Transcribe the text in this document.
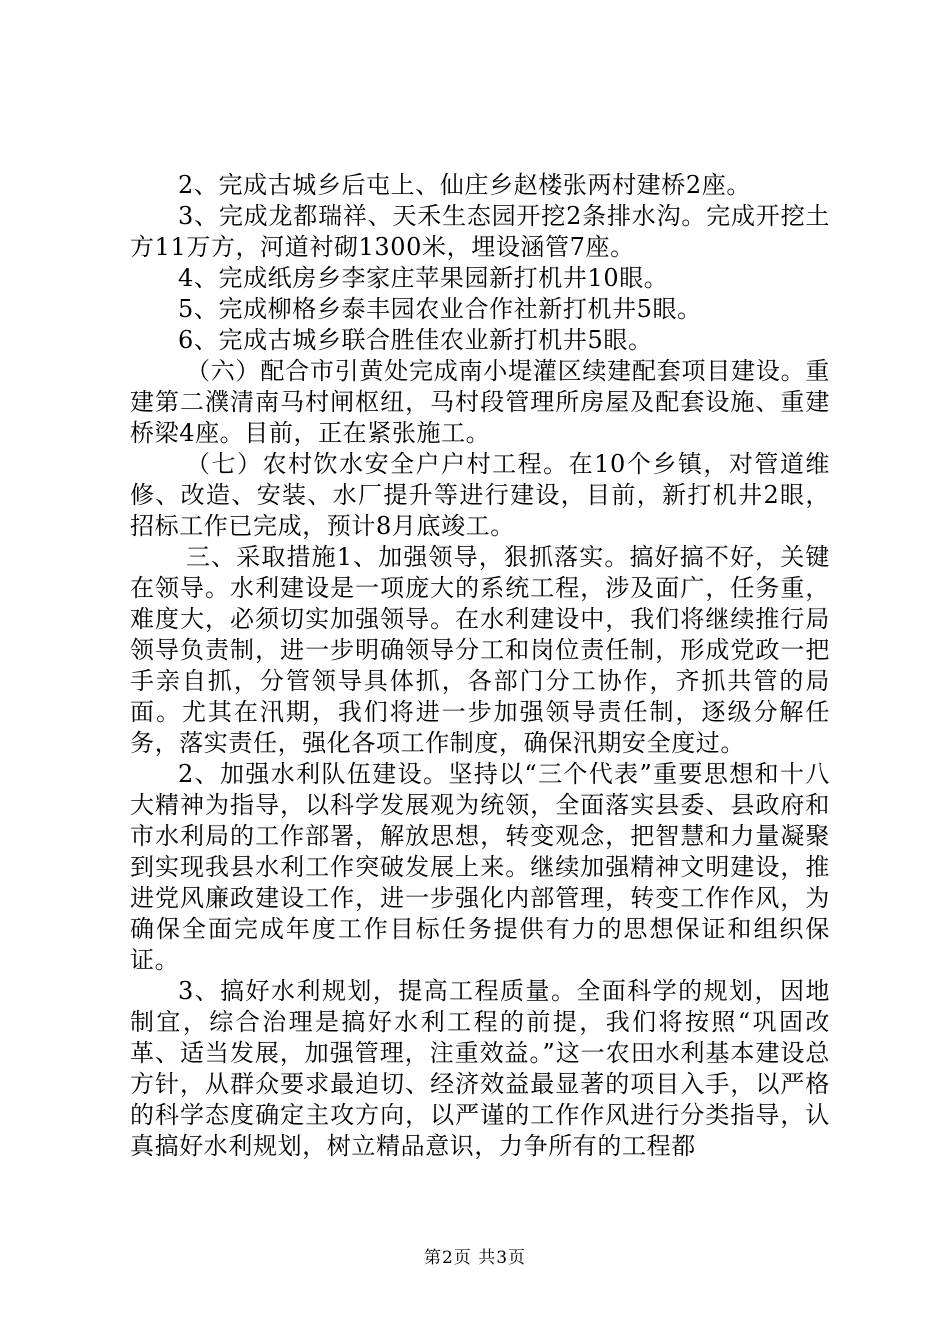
2、完成古城乡后屯上、仙庄乡赵楼张两村建桥2座。

3、完成龙都瑞祥、天禾生态园开挖2条排水沟。完成开挖土方11万方，河道衬砌1300米，埋设涵管7座。

4、完成纸房乡李家庄苹果园新打机井10眼。

5、完成柳格乡泰丰园农业合作社新打机井5眼。

6、完成古城乡联合胜佳农业新打机井5眼。

（六）配合市引黄处完成南小堤灌区续建配套项目建设。重建第二濮清南马村闸枢纽，马村段管理所房屋及配套设施、重建桥梁4座。目前，正在紧张施工。

（七）农村饮水安全户户村工程。在10个乡镇，对管道维修、改造、安装、水厂提升等进行建设，目前，新打机井2眼，招标工作已完成，预计8月底竣工。

三、采取措施1、加强领导，狠抓落实。搞好搞不好，关键在领导。水利建设是一项庞大的系统工程，涉及面广，任务重，难度大，必须切实加强领导。在水利建设中，我们将继续推行局领导负责制，进一步明确领导分工和岗位责任制，形成党政一把手亲自抓，分管领导具体抓，各部门分工协作，齐抓共管的局面。尤其在汛期，我们将进一步加强领导责任制，逐级分解任务，落实责任，强化各项工作制度，确保汛期安全度过。

2、加强水利队伍建设。坚持以“三个代表”重要思想和十八大精神为指导，以科学发展观为统领，全面落实县委、县政府和市水利局的工作部署，解放思想，转变观念，把智慧和力量凝聚到实现我县水利工作突破发展上来。继续加强精神文明建设，推进党风廉政建设工作，进一步强化内部管理，转变工作作风，为确保全面完成年度工作目标任务提供有力的思想保证和组织保证。

3、搞好水利规划，提高工程质量。全面科学的规划，因地制宜，综合治理是搞好水利工程的前提，我们将按照“巩固改革、适当发展，加强管理，注重效益。”这一农田水利基本建设总方针，从群众要求最迫切、经济效益最显著的项目入手，以严格的科学态度确定主攻方向，以严谨的工作作风进行分类指导，认真搞好水利规划，树立精品意识，力争所有的工程都

第2页 共3页
